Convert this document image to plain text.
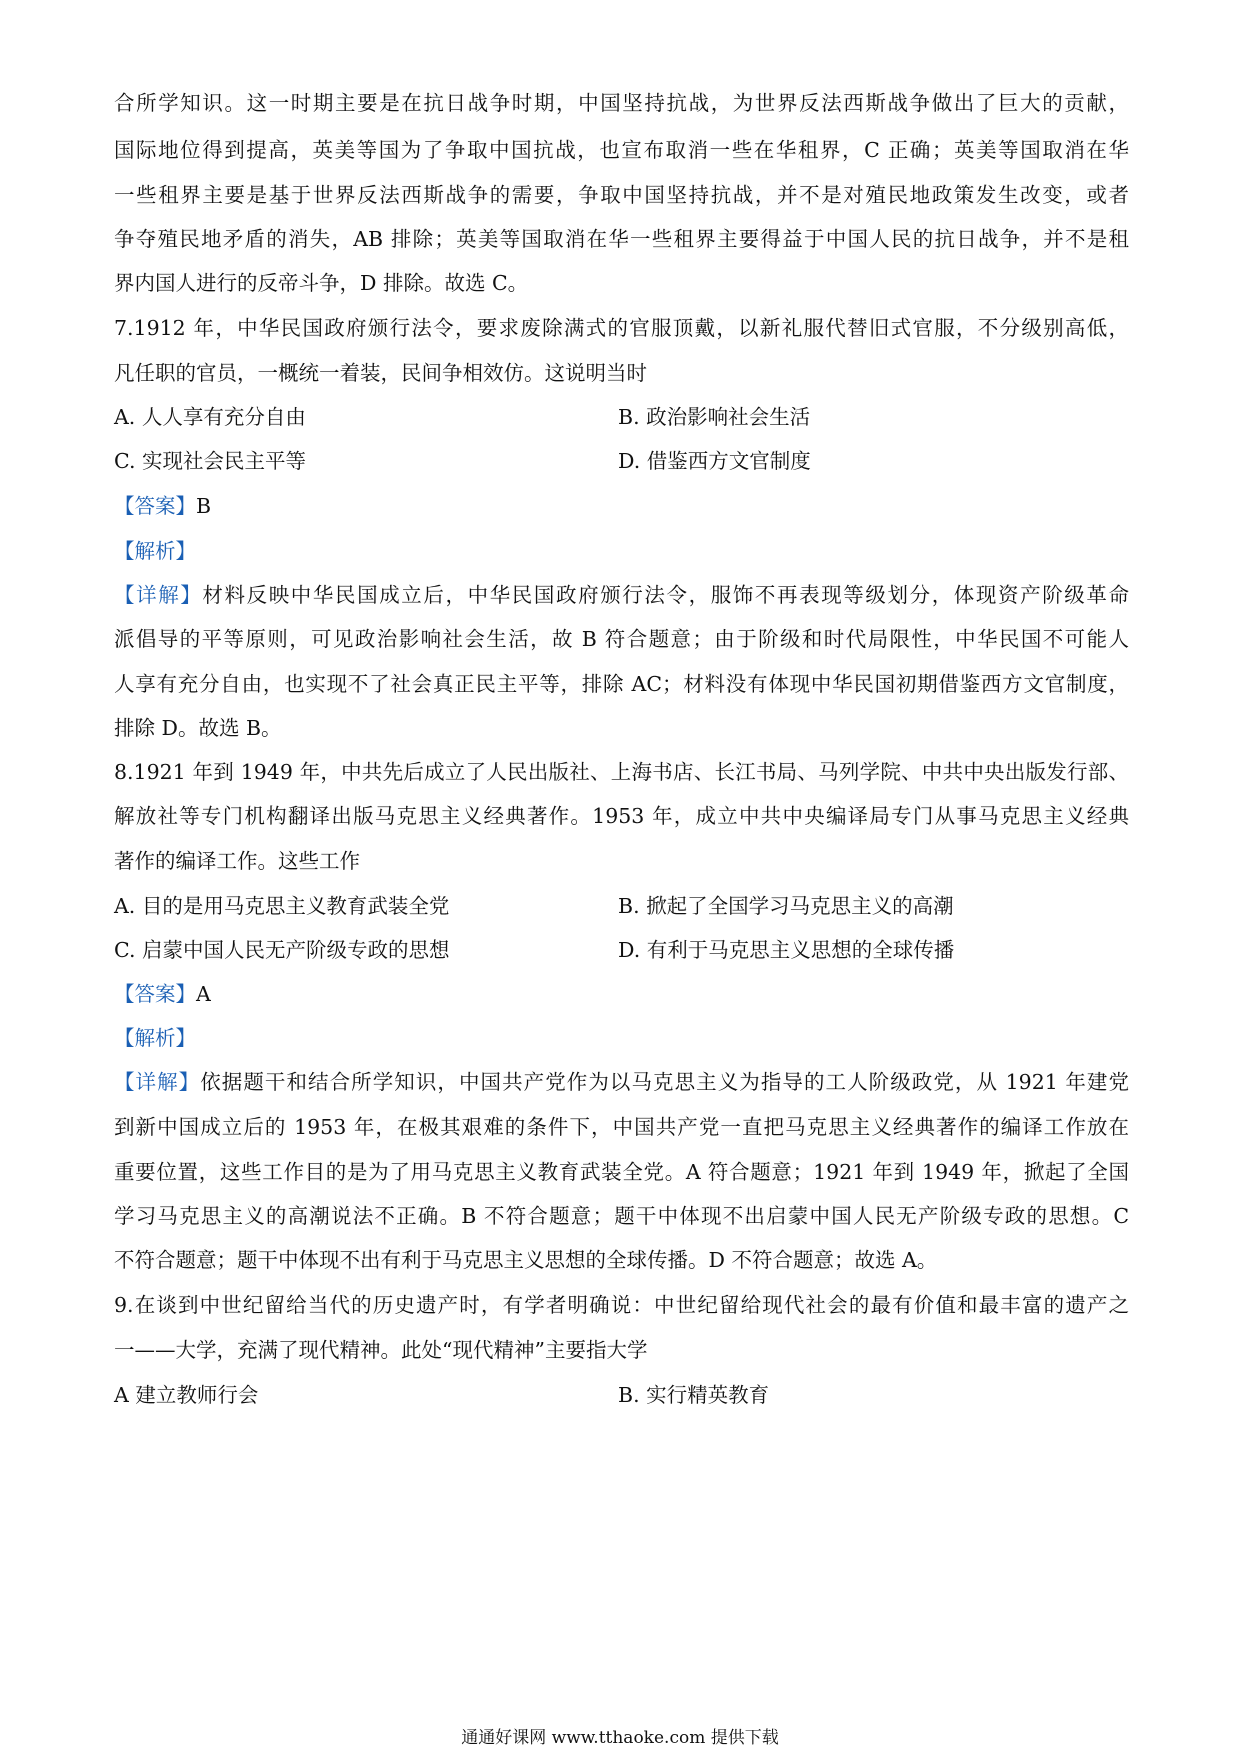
合所学知识。这一时期主要是在抗日战争时期，中国坚持抗战，为世界反法西斯战争做出了巨大的贡献，
国际地位得到提高，英美等国为了争取中国抗战，也宣布取消一些在华租界，C 正确；英美等国取消在华
一些租界主要是基于世界反法西斯战争的需要，争取中国坚持抗战，并不是对殖民地政策发生改变，或者
争夺殖民地矛盾的消失，AB 排除；英美等国取消在华一些租界主要得益于中国人民的抗日战争，并不是租
界内国人进行的反帝斗争，D 排除。故选 C。
7.1912 年，中华民国政府颁行法令，要求废除满式的官服顶戴，以新礼服代替旧式官服，不分级别高低，
凡任职的官员，一概统一着装，民间争相效仿。这说明当时
A. 人人享有充分自由	B. 政治影响社会生活
C. 实现社会民主平等	D. 借鉴西方文官制度
【答案】B
【解析】
【详解】材料反映中华民国成立后，中华民国政府颁行法令，服饰不再表现等级划分，体现资产阶级革命
派倡导的平等原则，可见政治影响社会生活，故 B 符合题意；由于阶级和时代局限性，中华民国不可能人
人享有充分自由，也实现不了社会真正民主平等，排除 AC；材料没有体现中华民国初期借鉴西方文官制度，
排除 D。故选 B。
8.1921 年到 1949 年，中共先后成立了人民出版社、上海书店、长江书局、马列学院、中共中央出版发行部、
解放社等专门机构翻译出版马克思主义经典著作。1953 年，成立中共中央编译局专门从事马克思主义经典
著作的编译工作。这些工作
A. 目的是用马克思主义教育武装全党	B. 掀起了全国学习马克思主义的高潮
C. 启蒙中国人民无产阶级专政的思想	D. 有利于马克思主义思想的全球传播
【答案】A
【解析】
【详解】依据题干和结合所学知识，中国共产党作为以马克思主义为指导的工人阶级政党，从 1921 年建党
到新中国成立后的 1953 年，在极其艰难的条件下，中国共产党一直把马克思主义经典著作的编译工作放在
重要位置，这些工作目的是为了用马克思主义教育武装全党。A 符合题意；1921 年到 1949 年，掀起了全国
学习马克思主义的高潮说法不正确。B 不符合题意；题干中体现不出启蒙中国人民无产阶级专政的思想。C
不符合题意；题干中体现不出有利于马克思主义思想的全球传播。D 不符合题意；故选 A。
9.在谈到中世纪留给当代的历史遗产时，有学者明确说：中世纪留给现代社会的最有价值和最丰富的遗产之
一——大学，充满了现代精神。此处“现代精神”主要指大学
A 建立教师行会	B. 实行精英教育
通通好课网 www.tthaoke.com 提供下载
